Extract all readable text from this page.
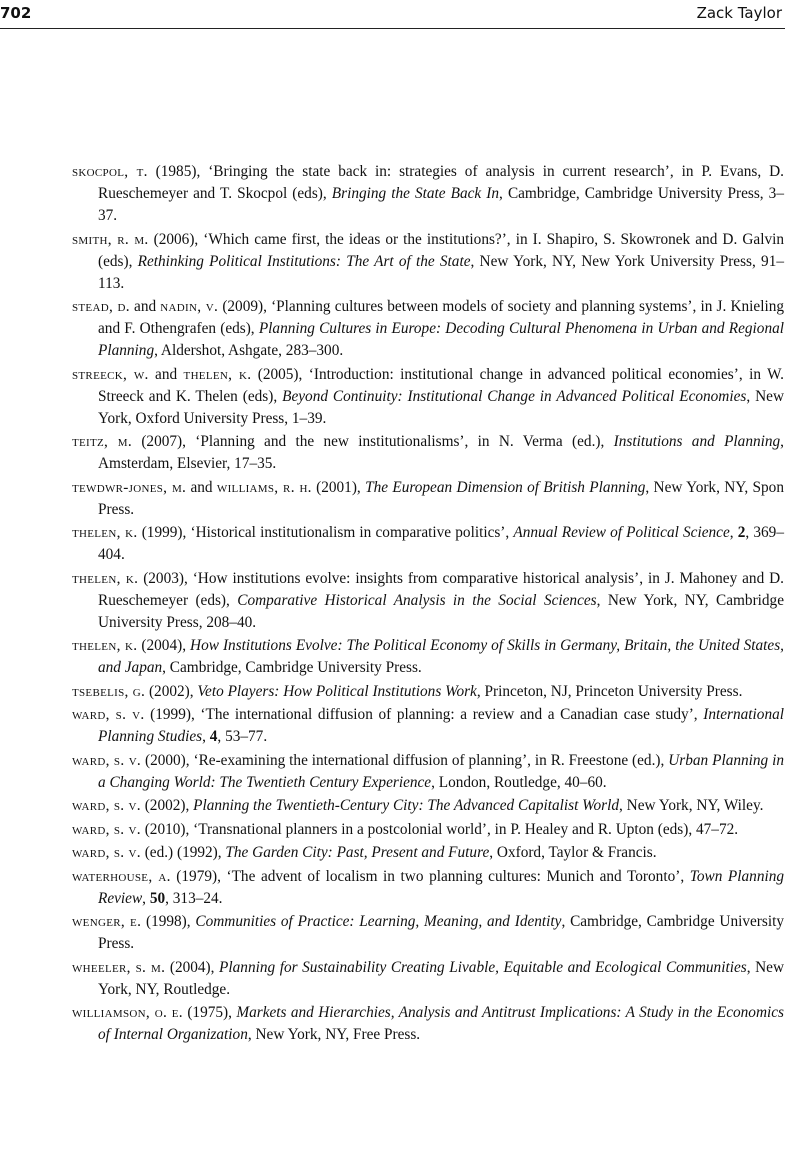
702	Zack Taylor

skocpol, t. (1985), ‘Bringing the state back in: strategies of analysis in current research’, in P. Evans, D. Rueschemeyer and T. Skocpol (eds), Bringing the State Back In, Cambridge, Cambridge University Press, 3–37.

smith, r. m. (2006), ‘Which came first, the ideas or the institutions?’, in I. Shapiro, S. Skowronek and D. Galvin (eds), Rethinking Political Institutions: The Art of the State, New York, NY, New York University Press, 91–113.

stead, d. and nadin, v. (2009), ‘Planning cultures between models of society and planning systems’, in J. Knieling and F. Othengrafen (eds), Planning Cultures in Europe: Decoding Cultural Phenomena in Urban and Regional Planning, Aldershot, Ashgate, 283–300.

streeck, w. and thelen, k. (2005), ‘Introduction: institutional change in advanced political economies’, in W. Streeck and K. Thelen (eds), Beyond Continuity: Institutional Change in Advanced Political Economies, New York, Oxford University Press, 1–39.

teitz, m. (2007), ‘Planning and the new institutionalisms’, in N. Verma (ed.), Institutions and Planning, Amsterdam, Elsevier, 17–35.

tewdwr-jones, m. and williams, r. h. (2001), The European Dimension of British Planning, New York, NY, Spon Press.

thelen, k. (1999), ‘Historical institutionalism in comparative politics’, Annual Review of Political Science, 2, 369–404.

thelen, k. (2003), ‘How institutions evolve: insights from comparative historical analysis’, in J. Mahoney and D. Rueschemeyer (eds), Comparative Historical Analysis in the Social Sciences, New York, NY, Cambridge University Press, 208–40.

thelen, k. (2004), How Institutions Evolve: The Political Economy of Skills in Germany, Britain, the United States, and Japan, Cambridge, Cambridge University Press.

tsebelis, g. (2002), Veto Players: How Political Institutions Work, Princeton, NJ, Princeton University Press.

ward, s. v. (1999), ‘The international diffusion of planning: a review and a Canadian case study’, International Planning Studies, 4, 53–77.

ward, s. v. (2000), ‘Re-examining the international diffusion of planning’, in R. Freestone (ed.), Urban Planning in a Changing World: The Twentieth Century Experience, London, Routledge, 40–60.

ward, s. v. (2002), Planning the Twentieth-Century City: The Advanced Capitalist World, New York, NY, Wiley.

ward, s. v. (2010), ‘Transnational planners in a postcolonial world’, in P. Healey and R. Upton (eds), 47–72.

ward, s. v. (ed.) (1992), The Garden City: Past, Present and Future, Oxford, Taylor & Francis.

waterhouse, a. (1979), ‘The advent of localism in two planning cultures: Munich and Toronto’, Town Planning Review, 50, 313–24.

wenger, e. (1998), Communities of Practice: Learning, Meaning, and Identity, Cambridge, Cambridge University Press.

wheeler, s. m. (2004), Planning for Sustainability Creating Livable, Equitable and Ecological Communities, New York, NY, Routledge.

williamson, o. e. (1975), Markets and Hierarchies, Analysis and Antitrust Implications: A Study in the Economics of Internal Organization, New York, NY, Free Press.
